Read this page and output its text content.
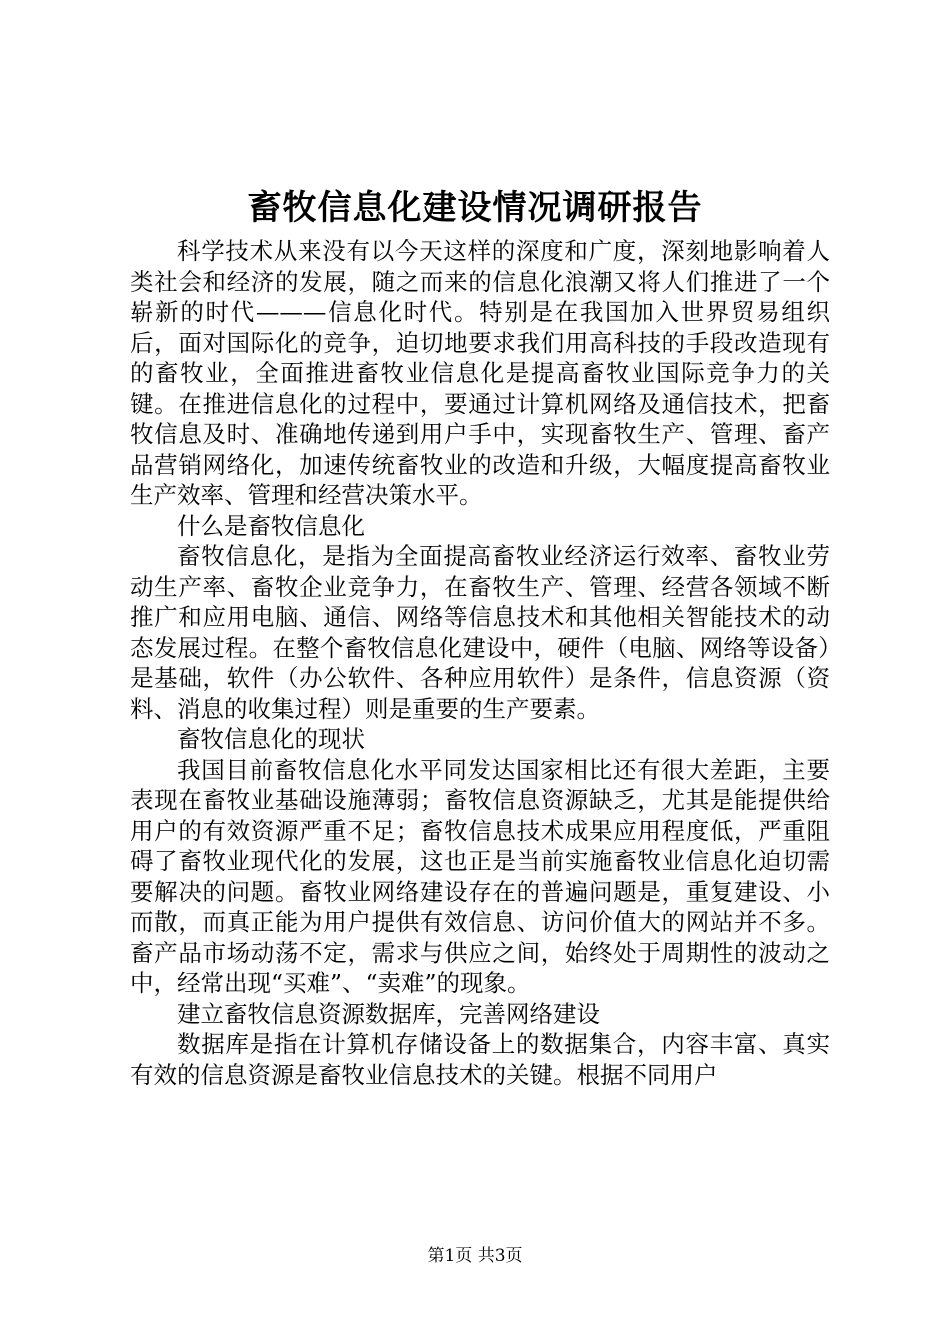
畜牧信息化建设情况调研报告

科学技术从来没有以今天这样的深度和广度，深刻地影响着人类社会和经济的发展，随之而来的信息化浪潮又将人们推进了一个崭新的时代———信息化时代。特别是在我国加入世界贸易组织后，面对国际化的竞争，迫切地要求我们用高科技的手段改造现有的畜牧业，全面推进畜牧业信息化是提高畜牧业国际竞争力的关键。在推进信息化的过程中，要通过计算机网络及通信技术，把畜牧信息及时、准确地传递到用户手中，实现畜牧生产、管理、畜产品营销网络化，加速传统畜牧业的改造和升级，大幅度提高畜牧业生产效率、管理和经营决策水平。

什么是畜牧信息化

畜牧信息化，是指为全面提高畜牧业经济运行效率、畜牧业劳动生产率、畜牧企业竞争力，在畜牧生产、管理、经营各领域不断推广和应用电脑、通信、网络等信息技术和其他相关智能技术的动态发展过程。在整个畜牧信息化建设中，硬件（电脑、网络等设备）是基础，软件（办公软件、各种应用软件）是条件，信息资源（资料、消息的收集过程）则是重要的生产要素。

畜牧信息化的现状

我国目前畜牧信息化水平同发达国家相比还有很大差距，主要表现在畜牧业基础设施薄弱；畜牧信息资源缺乏，尤其是能提供给用户的有效资源严重不足；畜牧信息技术成果应用程度低，严重阻碍了畜牧业现代化的发展，这也正是当前实施畜牧业信息化迫切需要解决的问题。畜牧业网络建设存在的普遍问题是，重复建设、小而散，而真正能为用户提供有效信息、访问价值大的网站并不多。畜产品市场动荡不定，需求与供应之间，始终处于周期性的波动之中，经常出现“买难”、“卖难”的现象。

建立畜牧信息资源数据库，完善网络建设

数据库是指在计算机存储设备上的数据集合，内容丰富、真实有效的信息资源是畜牧业信息技术的关键。根据不同用户

第1页 共3页
